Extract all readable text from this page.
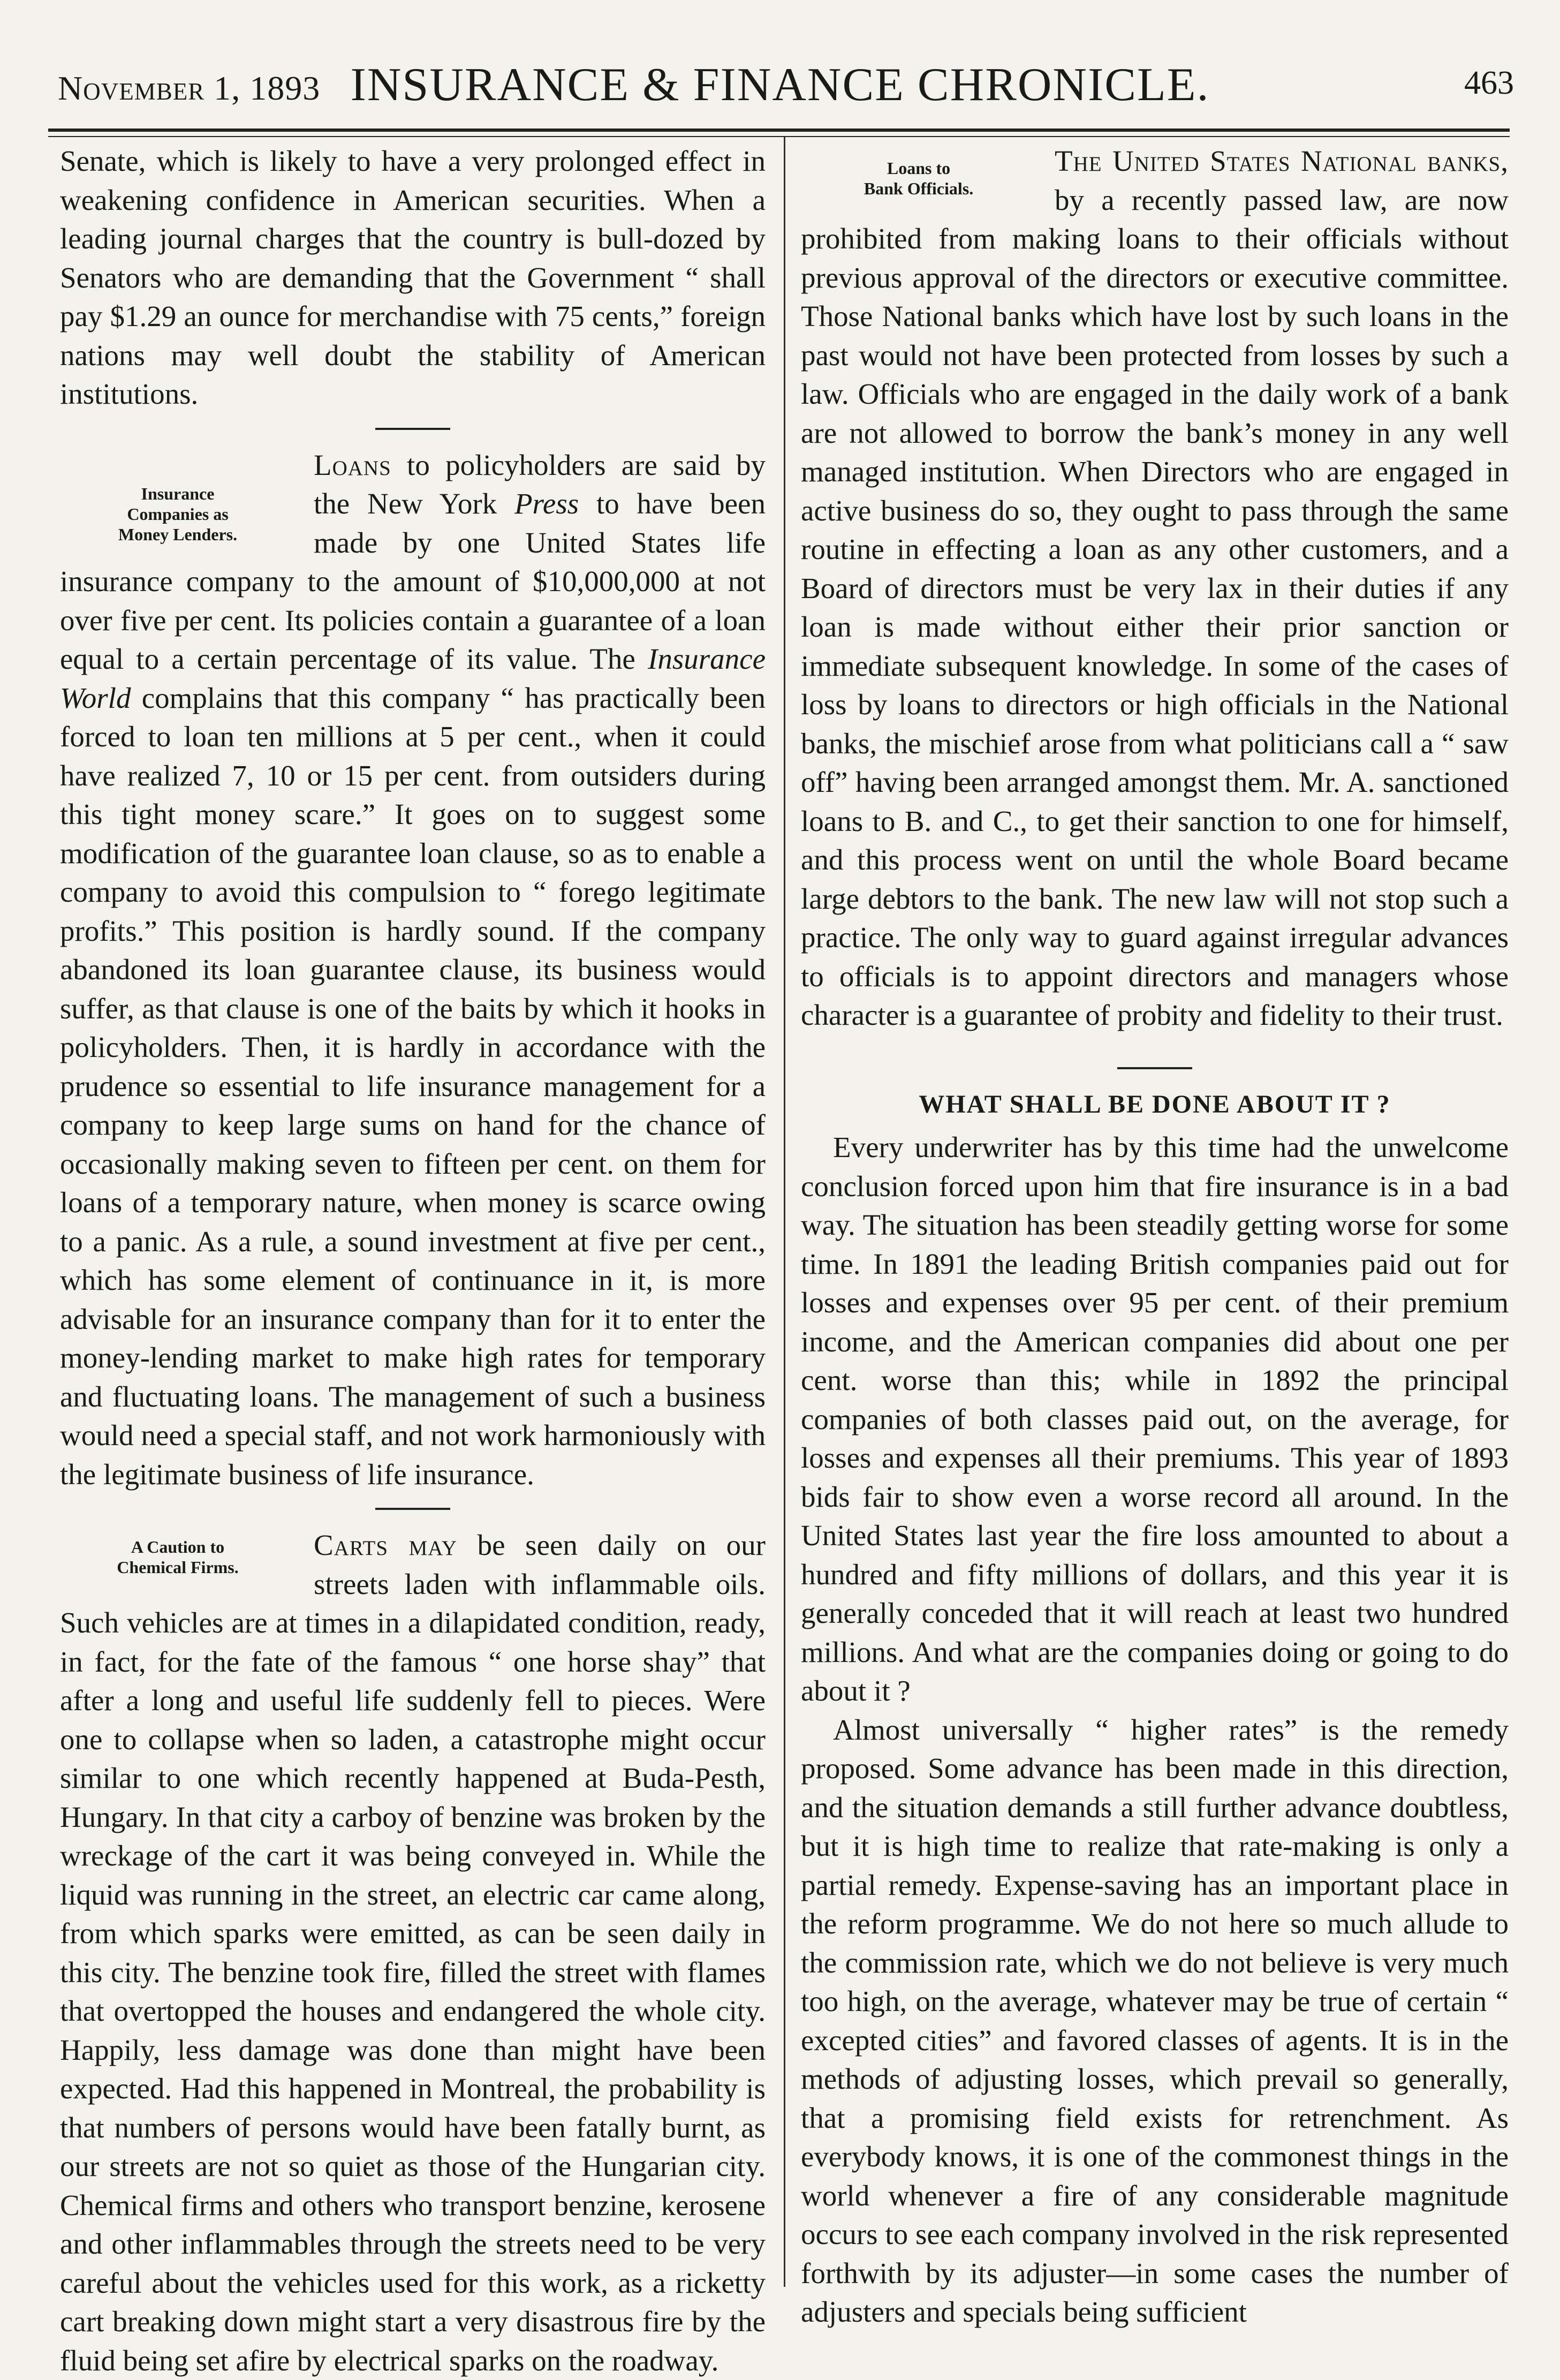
November 1, 1893 INSURANCE & FINANCE CHRONICLE.	463

Senate, which is likely to have a very prolonged effect in weakening confidence in American securities. When a leading journal charges that the country is bull-dozed by Senators who are demanding that the Government “ shall pay $1.29 an ounce for merchandise with 75 cents,” foreign nations may well doubt the stability of American institutions.

Insurance
Companies as
Money Lenders.

Loans to policyholders are said by the New York Press to have been made by one United States life insurance company to the amount of $10,000,000 at not over five per cent. Its policies contain a guarantee of a loan equal to a certain percentage of its value. The Insurance World complains that this company “ has practically been forced to loan ten millions at 5 per cent., when it could have realized 7, 10 or 15 per cent. from outsiders during this tight money scare.” It goes on to suggest some modification of the guarantee loan clause, so as to enable a company to avoid this compulsion to “ forego legitimate profits.” This position is hardly sound. If the company abandoned its loan guarantee clause, its business would suffer, as that clause is one of the baits by which it hooks in policyholders. Then, it is hardly in accordance with the prudence so essential to life insurance management for a company to keep large sums on hand for the chance of occasionally making seven to fifteen per cent. on them for loans of a temporary nature, when money is scarce owing to a panic. As a rule, a sound investment at five per cent., which has some element of continuance in it, is more advisable for an insurance company than for it to enter the money-lending market to make high rates for temporary and fluctuating loans. The management of such a business would need a special staff, and not work harmoniously with the legitimate business of life insurance.

A Caution to
Chemical Firms.

Carts may be seen daily on our streets laden with inflammable oils. Such vehicles are at times in a dilapidated condition, ready, in fact, for the fate of the famous “ one horse shay” that after a long and useful life suddenly fell to pieces. Were one to collapse when so laden, a catastrophe might occur similar to one which recently happened at Buda-Pesth, Hungary. In that city a carboy of benzine was broken by the wreckage of the cart it was being conveyed in. While the liquid was running in the street, an electric car came along, from which sparks were emitted, as can be seen daily in this city. The benzine took fire, filled the street with flames that overtopped the houses and endangered the whole city. Happily, less damage was done than might have been expected. Had this happened in Montreal, the probability is that numbers of persons would have been fatally burnt, as our streets are not so quiet as those of the Hungarian city. Chemical firms and others who transport benzine, kerosene and other inflammables through the streets need to be very careful about the vehicles used for this work, as a ricketty cart breaking down might start a very disastrous fire by the fluid being set afire by electrical sparks on the roadway.

Loans to
Bank Officials.

The United States National banks, by a recently passed law, are now prohibited from making loans to their officials without previous approval of the directors or executive committee. Those National banks which have lost by such loans in the past would not have been protected from losses by such a law. Officials who are engaged in the daily work of a bank are not allowed to borrow the bank’s money in any well managed institution. When Directors who are engaged in active business do so, they ought to pass through the same routine in effecting a loan as any other customers, and a Board of directors must be very lax in their duties if any loan is made without either their prior sanction or immediate subsequent knowledge. In some of the cases of loss by loans to directors or high officials in the National banks, the mischief arose from what politicians call a “ saw off” having been arranged amongst them. Mr. A. sanctioned loans to B. and C., to get their sanction to one for himself, and this process went on until the whole Board became large debtors to the bank. The new law will not stop such a practice. The only way to guard against irregular advances to officials is to appoint directors and managers whose character is a guarantee of probity and fidelity to their trust.

WHAT SHALL BE DONE ABOUT IT ?

Every underwriter has by this time had the unwelcome conclusion forced upon him that fire insurance is in a bad way. The situation has been steadily getting worse for some time. In 1891 the leading British companies paid out for losses and expenses over 95 per cent. of their premium income, and the American companies did about one per cent. worse than this; while in 1892 the principal companies of both classes paid out, on the average, for losses and expenses all their premiums. This year of 1893 bids fair to show even a worse record all around. In the United States last year the fire loss amounted to about a hundred and fifty millions of dollars, and this year it is generally conceded that it will reach at least two hundred millions. And what are the companies doing or going to do about it ?

Almost universally “ higher rates” is the remedy proposed. Some advance has been made in this direction, and the situation demands a still further advance doubtless, but it is high time to realize that rate-making is only a partial remedy. Expense-saving has an important place in the reform programme. We do not here so much allude to the commission rate, which we do not believe is very much too high, on the average, whatever may be true of certain “ excepted cities” and favored classes of agents. It is in the methods of adjusting losses, which prevail so generally, that a promising field exists for retrenchment. As everybody knows, it is one of the commonest things in the world whenever a fire of any considerable magnitude occurs to see each company involved in the risk represented forthwith by its adjuster—in some cases the number of adjusters and specials being sufficient
